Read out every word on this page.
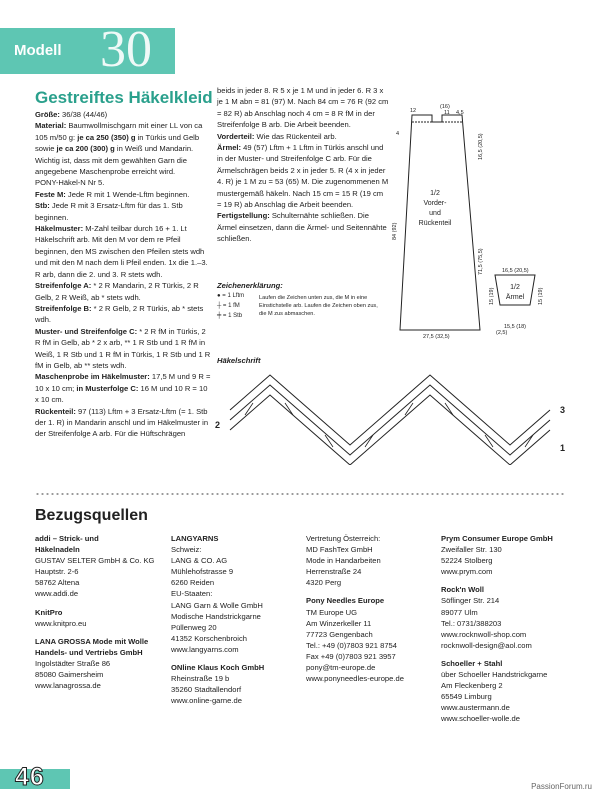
Modell 30
Gestreiftes Häkelkleid

Größe: 36/38 (44/46)

Material: Baumwollmischgarn mit einer LL von ca 105 m/50 g: je ca 250 (350) g in Türkis und Gelb sowie je ca 200 (300) g in Weiß und Mandarin. Wichtig ist, dass mit dem gewählten Garn die angegebene Maschenprobe erreicht wird.

PONY-Häkel-N Nr 5.

Feste M: Jede R mit 1 Wende-Lftm beginnen.

Stb: Jede R mit 3 Ersatz-Lftm für das 1. Stb beginnen.

Häkelmuster: M-Zahl teilbar durch 16 + 1. Lt Häkelschrift arb. Mit den M vor dem re Pfeil beginnen, den MS zwischen den Pfeilen stets wdh und mit den M nach dem li Pfeil enden. 1x die 1.–3. R arb, dann die 2. und 3. R stets wdh.

Streifenfolge A: * 2 R Mandarin, 2 R Türkis, 2 R Gelb, 2 R Weiß, ab * stets wdh.

Streifenfolge B: * 2 R Gelb, 2 R Türkis, ab * stets wdh.

Muster- und Streifenfolge C: * 2 R fM in Türkis, 2 R fM in Gelb, ab * 2 x arb, ** 1 R Stb und 1 R fM in Weiß, 1 R Stb und 1 R fM in Türkis, 1 R Stb und 1 R fM in Gelb, ab ** stets wdh.

Maschenprobe im Häkelmuster: 17,5 M und 9 R = 10 x 10 cm; in Musterfolge C: 16 M und 10 R = 10 x 10 cm.

Rückenteil: 97 (113) Lftm + 3 Ersatz-Lftm (= 1. Stb der 1. R) in Mandarin anschl und im Häkelmuster in der Streifenfolge A arb. Für die Hüftschrägen

beids in jeder 8. R 5 x je 1 M und in jeder 6. R 3 x je 1 M abn = 81 (97) M. Nach 84 cm = 76 R (92 cm = 82 R) ab Anschlag noch 4 cm = 8 R fM in der Streifenfolge B arb. Die Arbeit beenden.

Vorderteil: Wie das Rückenteil arb.

Ärmel: 49 (57) Lftm + 1 Lftm in Türkis anschl und in der Muster- und Streifenfolge C arb. Für die Ärmelschrägen beids 2 x in jeder 5. R (4 x in jeder 4. R) je 1 M zu = 53 (65) M. Die zugenommenen M mustergemäß häkeln. Nach 15 cm = 15 R (19 cm = 19 R) ab Anschlag die Arbeit beenden.

Fertigstellung: Schulternähte schließen. Die Ärmel einsetzen, dann die Ärmel- und Seitennähte schließen.

12
(16)
11 4,5
4
84 (92)
16,5 (20,5)
71,5 (75,5)
27,5 (32,5)
16,5 (20,5)
15 (19)	15 (19)
15,5 (18)
(2,5)
1/2
Vorder-
und
Rückenteil
1/2
Ärmel
Zeichenerklärung:
● = 1 Lftm
┼ = 1 fM
╪ = 1 Stb
Laufen die Zeichen unten zus, die M in eine Einstichstelle arb. Laufen die Zeichen oben zus, die M zus abmaschen.
Häkelschrift
2
3
1
Bezugsquellen

addi – Strick- und

Häkelnadeln

GUSTAV SELTER GmbH & Co. KG

Hauptstr. 2-6

58762 Altena

www.addi.de

KnitPro

www.knitpro.eu

LANA GROSSA Mode mit Wolle

Handels- und Vertriebs GmbH

Ingolstädter Straße 86

85080 Gaimersheim

www.lanagrossa.de

LANGYARNS

Schweiz:

LANG & CO. AG

Mühlehofstrasse 9

6260 Reiden

EU-Staaten:

LANG Garn & Wolle GmbH

Modische Handstrickgarne

Püllenweg 20

41352 Korschenbroich

www.langyarns.com

ONline Klaus Koch GmbH

Rheinstraße 19 b

35260 Stadtallendorf

www.online-garne.de

Vertretung Österreich:

MD FashTex GmbH

Mode in Handarbeiten

Herrenstraße 24

4320 Perg

Pony Needles Europe

TM Europe UG

Am Winzerkeller 11

77723 Gengenbach

Tel.: +49 (0)7803 921 8754

Fax +49 (0)7803 921 3957

pony@tm-europe.de

www.ponyneedles-europe.de

Prym Consumer Europe GmbH

Zweifaller Str. 130

52224 Stolberg

www.prym.com

Rock'n Woll

Söflinger Str. 214

89077 Ulm

Tel.: 0731/388203

www.rocknwoll-shop.com

rocknwoll-design@aol.com

Schoeller + Stahl

über Schoeller Handstrickgarne

Am Fleckenberg 2

65549 Limburg

www.austermann.de

www.schoeller-wolle.de

46	PassionForum.ru
